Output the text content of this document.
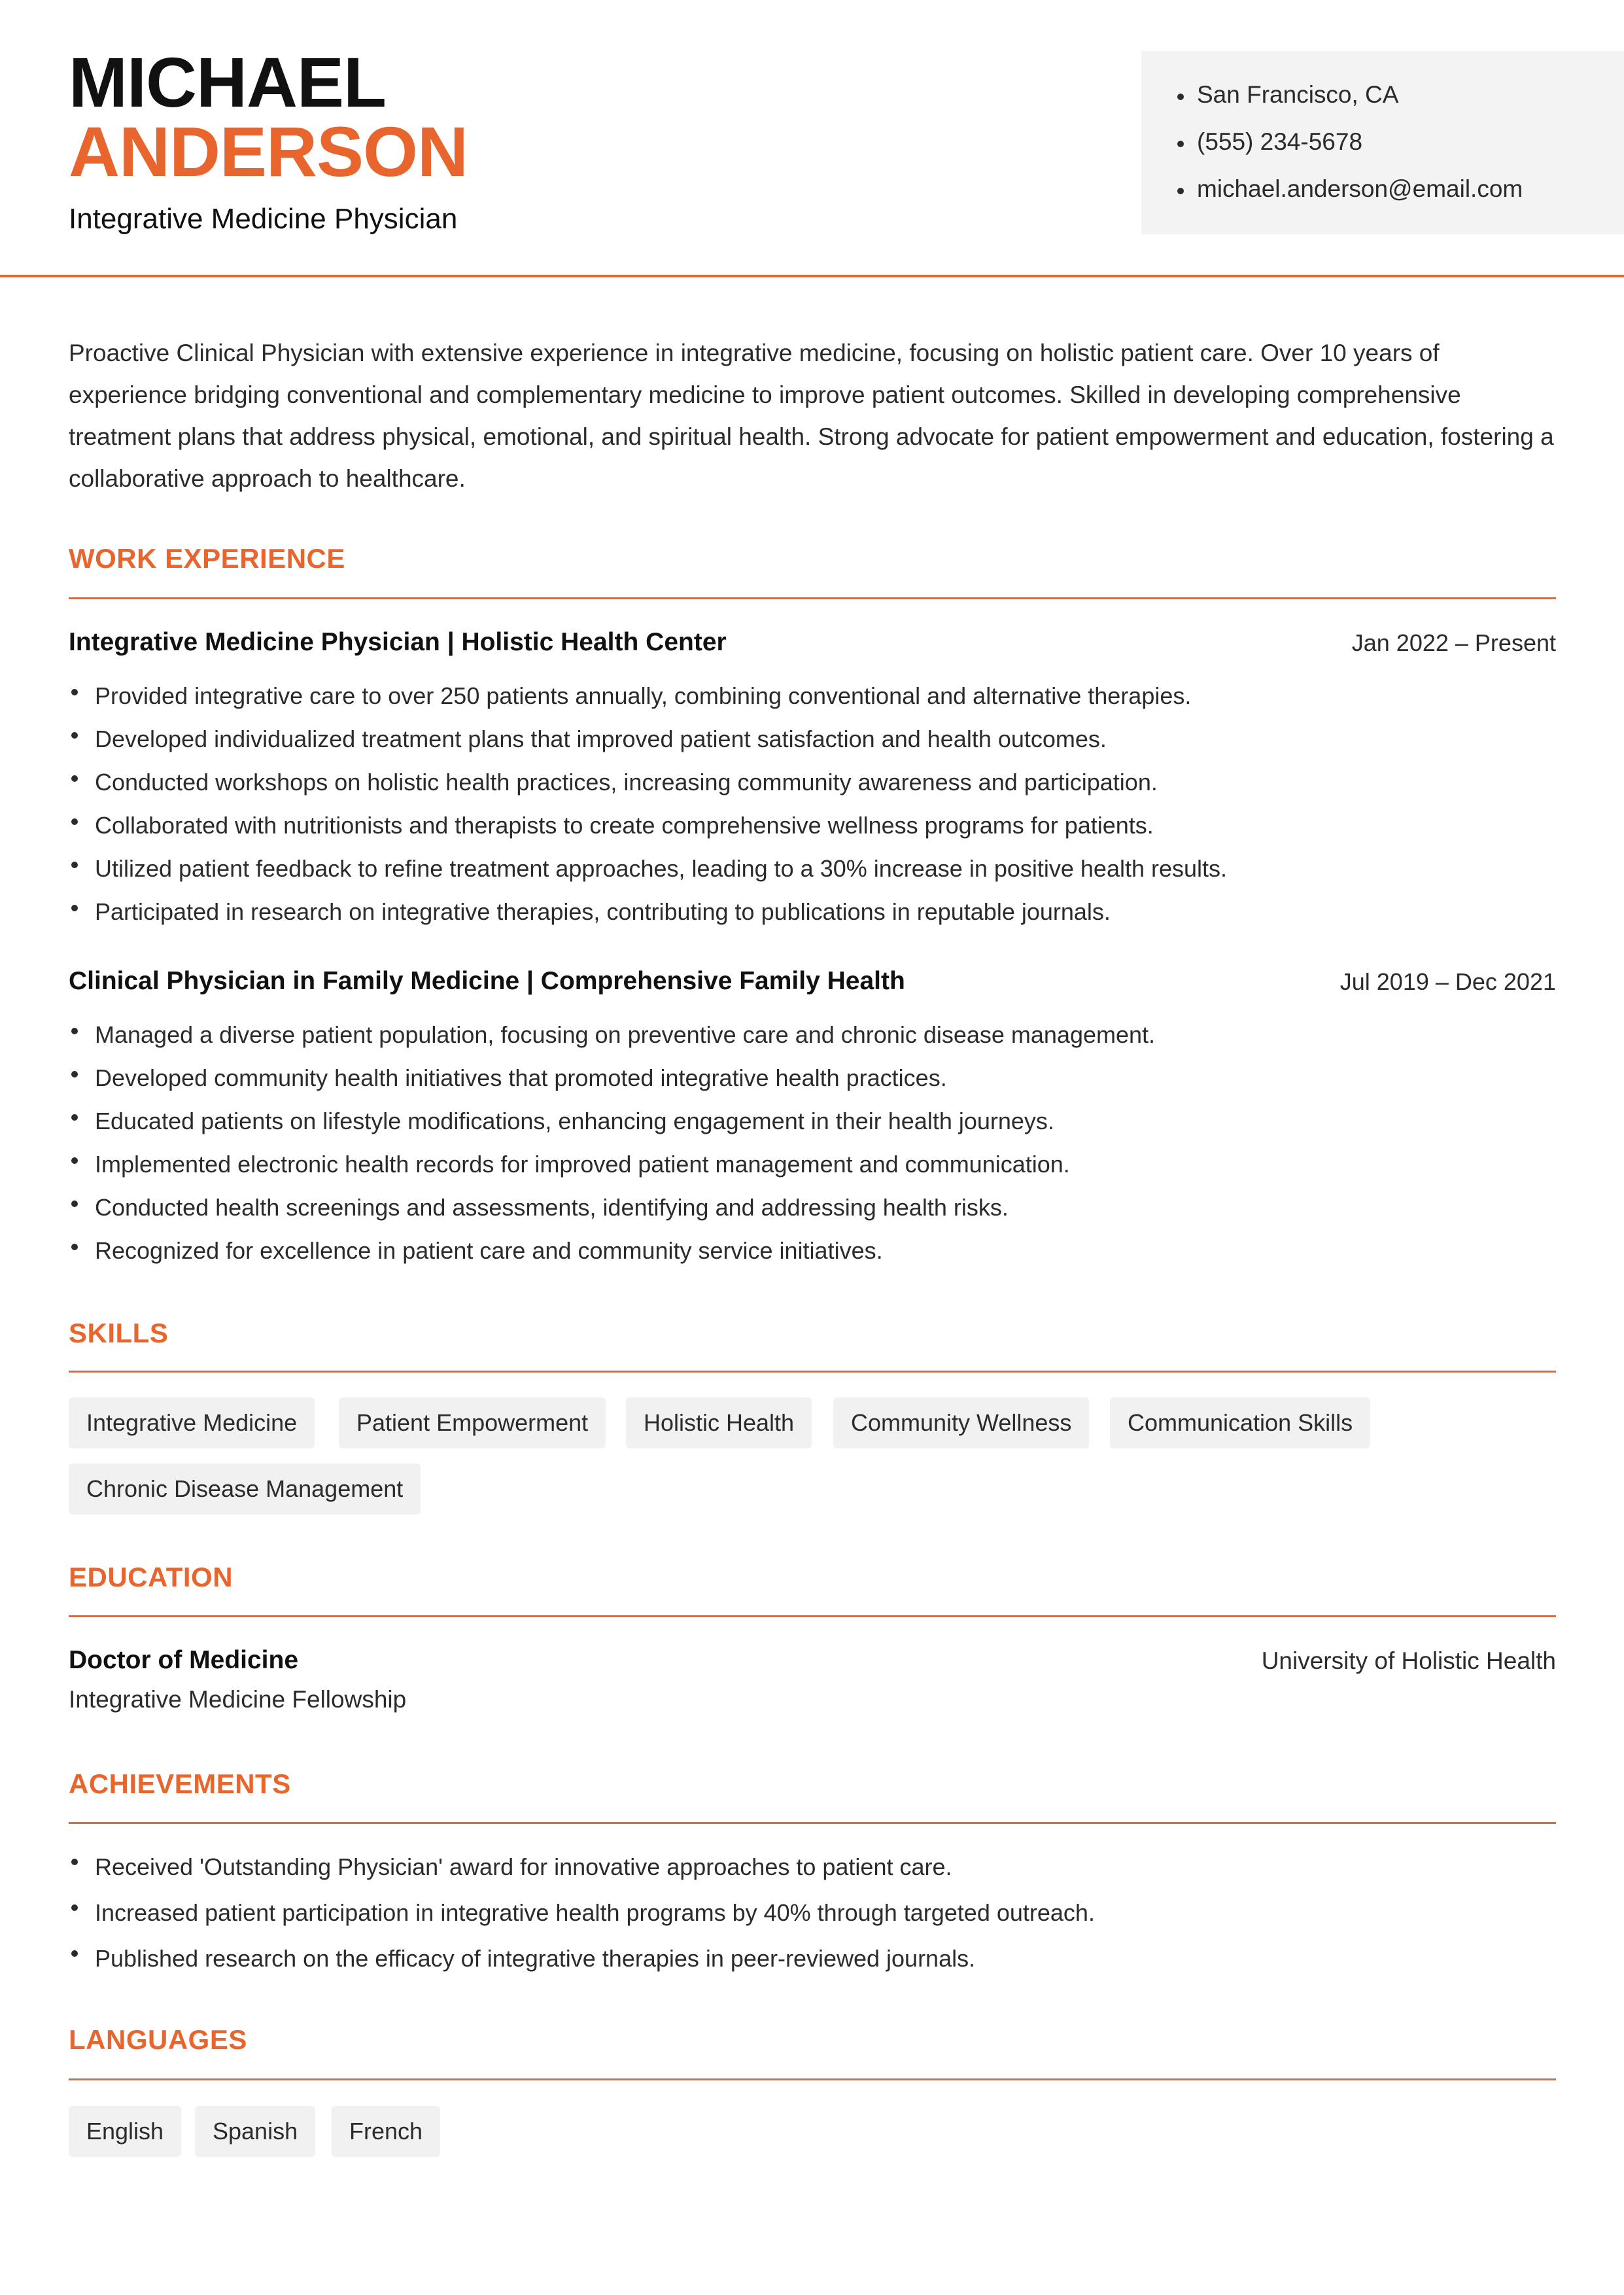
MICHAEL
ANDERSON
Integrative Medicine Physician
San Francisco, CA
(555) 234-5678
michael.anderson@email.com

Proactive Clinical Physician with extensive experience in integrative medicine, focusing on holistic patient care. Over 10 years of experience bridging conventional and complementary medicine to improve patient outcomes. Skilled in developing comprehensive treatment plans that address physical, emotional, and spiritual health. Strong advocate for patient empowerment and education, fostering a collaborative approach to healthcare.

WORK EXPERIENCE
Integrative Medicine Physician | Holistic Health Center	Jan 2022 – Present
Provided integrative care to over 250 patients annually, combining conventional and alternative therapies.
Developed individualized treatment plans that improved patient satisfaction and health outcomes.
Conducted workshops on holistic health practices, increasing community awareness and participation.
Collaborated with nutritionists and therapists to create comprehensive wellness programs for patients.
Utilized patient feedback to refine treatment approaches, leading to a 30% increase in positive health results.
Participated in research on integrative therapies, contributing to publications in reputable journals.
Clinical Physician in Family Medicine | Comprehensive Family Health	Jul 2019 – Dec 2021
Managed a diverse patient population, focusing on preventive care and chronic disease management.
Developed community health initiatives that promoted integrative health practices.
Educated patients on lifestyle modifications, enhancing engagement in their health journeys.
Implemented electronic health records for improved patient management and communication.
Conducted health screenings and assessments, identifying and addressing health risks.
Recognized for excellence in patient care and community service initiatives.
SKILLS
Integrative Medicine	Patient Empowerment	Holistic Health	Community Wellness	Communication Skills
Chronic Disease Management
EDUCATION
Doctor of Medicine	University of Holistic Health
Integrative Medicine Fellowship
ACHIEVEMENTS
Received 'Outstanding Physician' award for innovative approaches to patient care.
Increased patient participation in integrative health programs by 40% through targeted outreach.
Published research on the efficacy of integrative therapies in peer-reviewed journals.
LANGUAGES
English	Spanish	French
